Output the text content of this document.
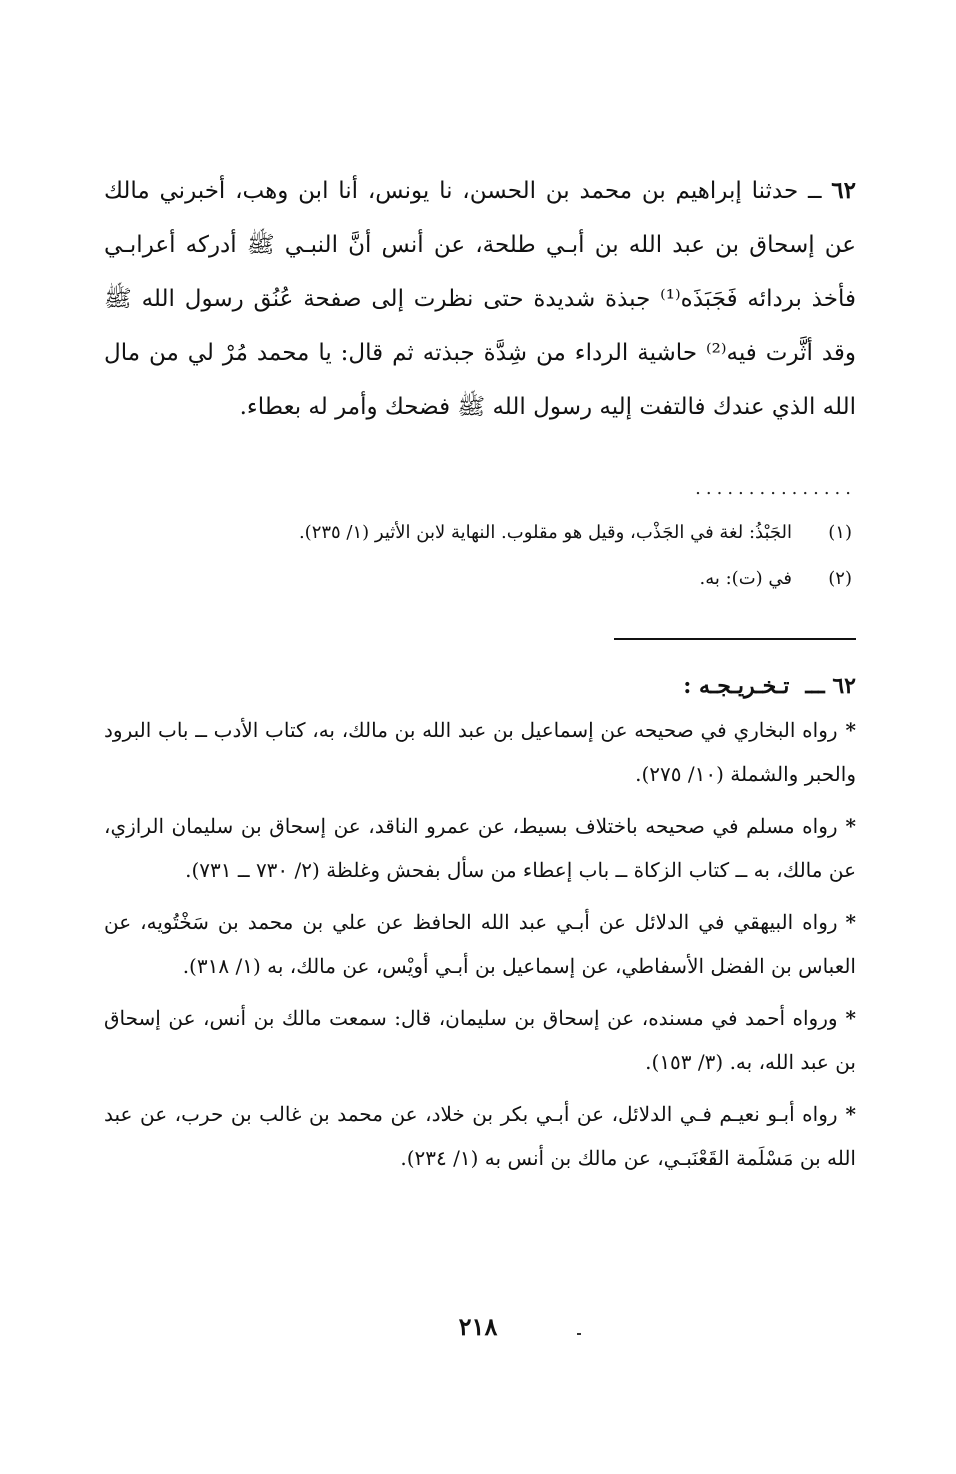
٦٢ ــ حدثنا إبراهيم بن محمد بن الحسن، نا يونس، أنا ابن وهب، أخبرني مالك عن إسحاق بن عبد الله بن أبـي طلحة، عن أنس أنَّ النبـي ﷺ أدركه أعرابـي فأخذ بردائه فَجَبَذَه⁽¹⁾ جبذة شديدة حتى نظرت إلى صفحة عُنُق رسول الله ﷺ وقد أثَّرت فيه⁽²⁾ حاشية الرداء من شِدَّة جبذته ثم قال: يا محمد مُرْ لي من مال الله الذي عندك فالتفت إليه رسول الله ﷺ فضحك وأمر له بعطاء.

...............
(١)
الجَبْذُ: لغة في الجَذْب، وقيل هو مقلوب. النهاية لابن الأثير (١/ ٢٣٥).
(٢)
في (ت): به.
٦٢ ـــ
تـخـريـجـه :

*رواه البخاري في صحيحه عن إسماعيل بن عبد الله بن مالك، به، كتاب الأدب ــ باب البرود والحبر والشملة (١٠/ ٢٧٥).

*رواه مسلم في صحيحه باختلاف بسيط، عن عمرو الناقد، عن إسحاق بن سليمان الرازي، عن مالك، به ــ كتاب الزكاة ــ باب إعطاء من سأل بفحش وغلظة (٢/ ٧٣٠ ــ ٧٣١).

*رواه البيهقي في الدلائل عن أبـي عبد الله الحافظ عن علي بن محمد بن سَخْتُويه، عن العباس بن الفضل الأسفاطي، عن إسماعيل بن أبـي أويْس، عن مالك، به (١/ ٣١٨).

*ورواه أحمد في مسنده، عن إسحاق بن سليمان، قال: سمعت مالك بن أنس، عن إسحاق بن عبد الله، به. (٣/ ١٥٣).

*رواه أبـو نعيـم فـي الدلائل، عن أبـي بكر بن خلاد، عن محمد بن غالب بن حرب، عن عبد الله بن مَسْلَمة القَعْنَبـي، عن مالك بن أنس به (١/ ٢٣٤).

٢١٨
